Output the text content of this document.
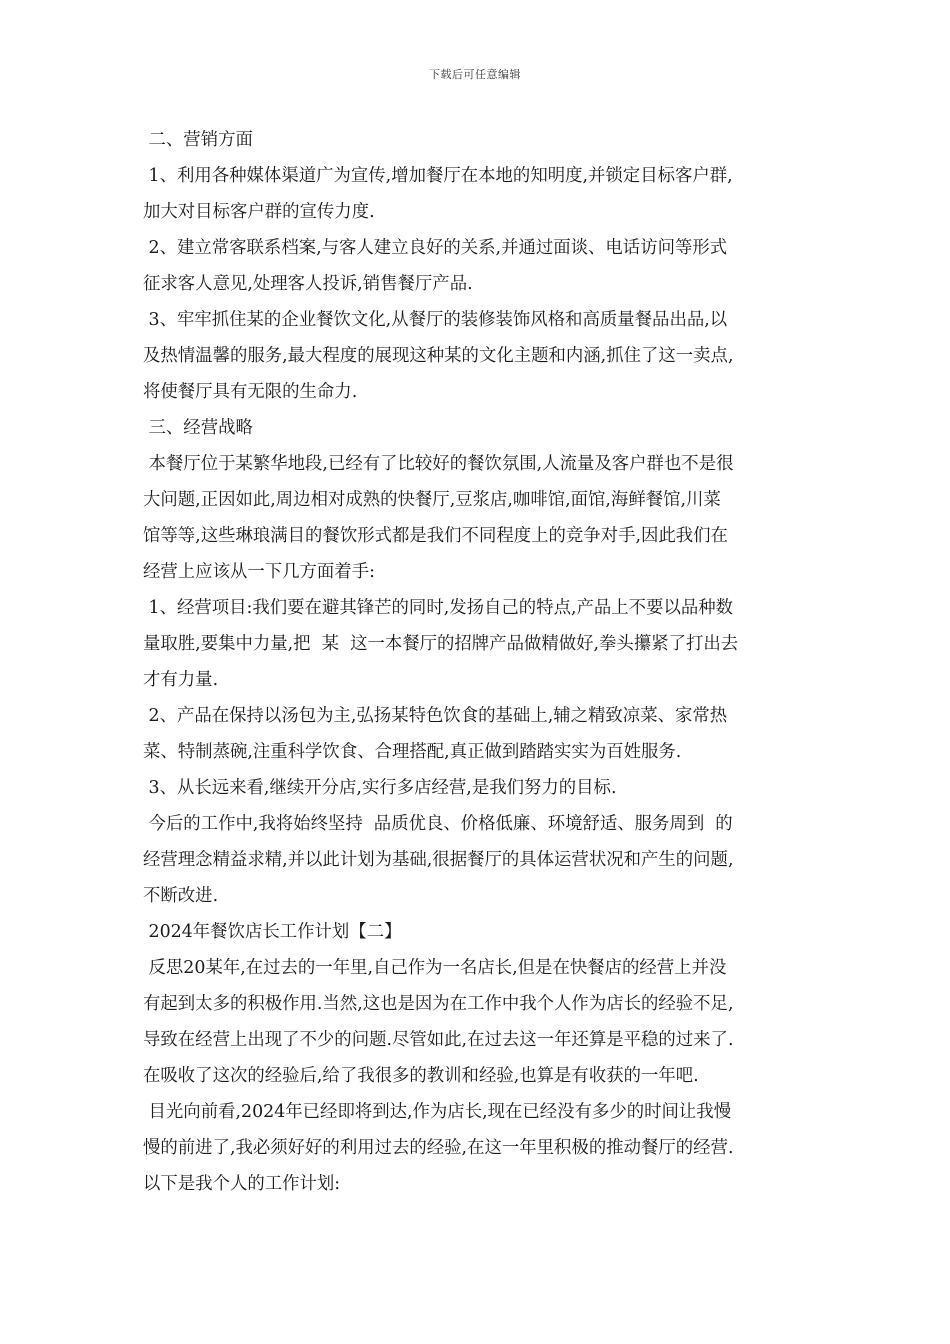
下载后可任意编辑
二、营销方面
1、利用各种媒体渠道广为宣传,增加餐厅在本地的知明度,并锁定目标客户群,
加大对目标客户群的宣传力度.
2、建立常客联系档案,与客人建立良好的关系,并通过面谈、电话访问等形式
征求客人意见,处理客人投诉,销售餐厅产品.
3、牢牢抓住某的企业餐饮文化,从餐厅的装修装饰风格和高质量餐品出品,以
及热情温馨的服务,最大程度的展现这种某的文化主题和内涵,抓住了这一卖点,
将使餐厅具有无限的生命力.
三、经营战略
本餐厅位于某繁华地段,已经有了比较好的餐饮氛围,人流量及客户群也不是很
大问题,正因如此,周边相对成熟的快餐厅,豆浆店,咖啡馆,面馆,海鲜餐馆,川菜
馆等等,这些琳琅满目的餐饮形式都是我们不同程度上的竞争对手,因此我们在
经营上应该从一下几方面着手:
1、经营项目:我们要在避其锋芒的同时,发扬自己的特点,产品上不要以品种数
量取胜,要集中力量,把  某  这一本餐厅的招牌产品做精做好,拳头攥紧了打出去
才有力量.
2、产品在保持以汤包为主,弘扬某特色饮食的基础上,辅之精致凉菜、家常热
菜、特制蒸碗,注重科学饮食、合理搭配,真正做到踏踏实实为百姓服务.
3、从长远来看,继续开分店,实行多店经营,是我们努力的目标.
今后的工作中,我将始终坚持  品质优良、价格低廉、环境舒适、服务周到  的
经营理念精益求精,并以此计划为基础,很据餐厅的具体运营状况和产生的问题,
不断改进.
2024年餐饮店长工作计划【二】
反思20某年,在过去的一年里,自己作为一名店长,但是在快餐店的经营上并没
有起到太多的积极作用.当然,这也是因为在工作中我个人作为店长的经验不足,
导致在经营上出现了不少的问题.尽管如此,在过去这一年还算是平稳的过来了.
在吸收了这次的经验后,给了我很多的教训和经验,也算是有收获的一年吧.
目光向前看,2024年已经即将到达,作为店长,现在已经没有多少的时间让我慢
慢的前进了,我必须好好的利用过去的经验,在这一年里积极的推动餐厅的经营.
以下是我个人的工作计划:
